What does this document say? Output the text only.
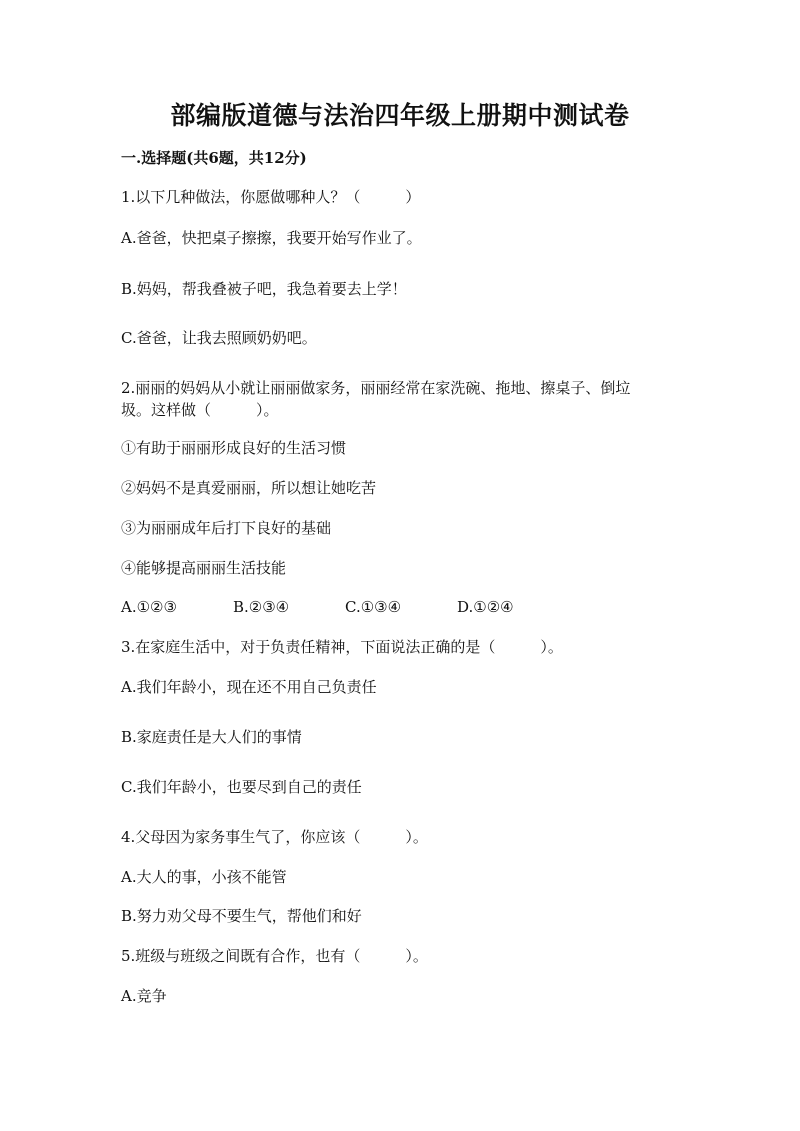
部编版道德与法治四年级上册期中测试卷
一.选择题(共6题，共12分)
1.以下几种做法，你愿做哪种人？（　　　）
A.爸爸，快把桌子擦擦，我要开始写作业了。
B.妈妈，帮我叠被子吧，我急着要去上学！
C.爸爸，让我去照顾奶奶吧。
2.丽丽的妈妈从小就让丽丽做家务，丽丽经常在家洗碗、拖地、擦桌子、倒垃
圾。这样做（　　　）。
①有助于丽丽形成良好的生活习惯
②妈妈不是真爱丽丽，所以想让她吃苦
③为丽丽成年后打下良好的基础
④能够提高丽丽生活技能
A.①②③	B.②③④	C.①③④	D.①②④
3.在家庭生活中，对于负责任精神，下面说法正确的是（　　　）。
A.我们年龄小，现在还不用自己负责任
B.家庭责任是大人们的事情
C.我们年龄小，也要尽到自己的责任
4.父母因为家务事生气了，你应该（　　　）。
A.大人的事，小孩不能管
B.努力劝父母不要生气，帮他们和好
5.班级与班级之间既有合作，也有（　　　）。
A.竞争
